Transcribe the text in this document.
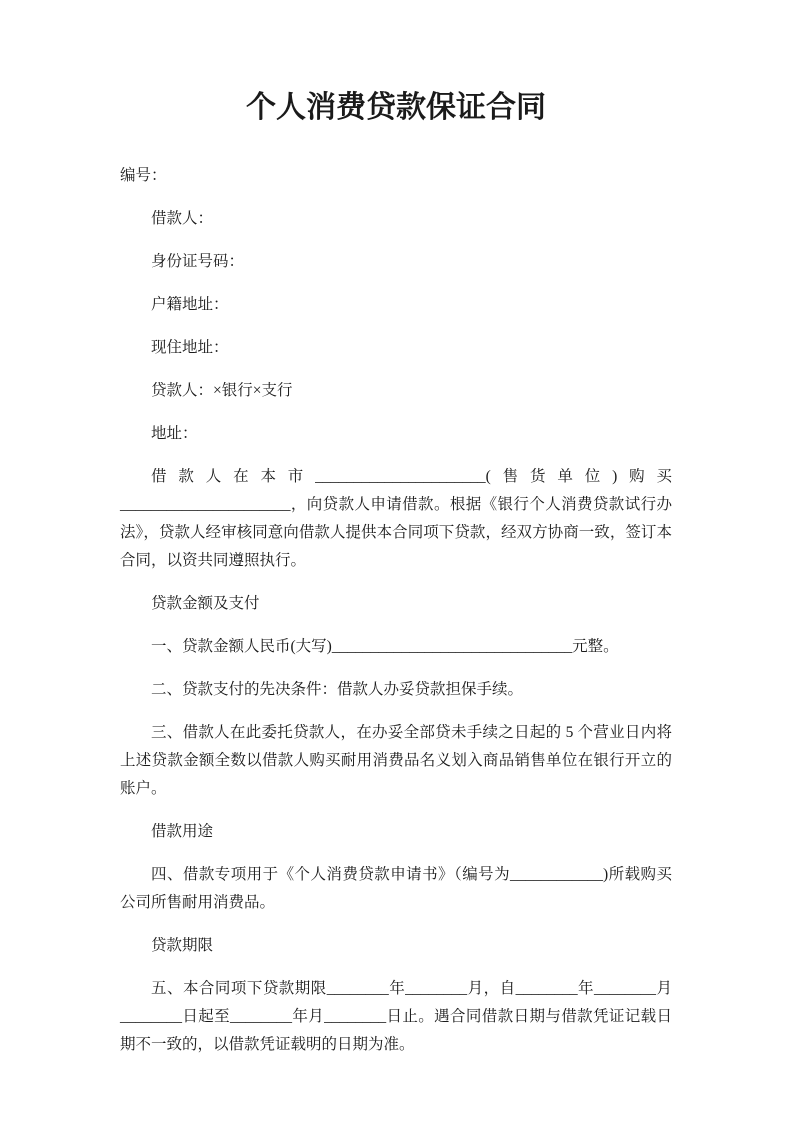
个人消费贷款保证合同

编号：

借款人：

身份证号码：

户籍地址：

现住地址：

贷款人：×银行×支行

地址：

借款人在本市______________________(售货单位)购买______________________，向贷款人申请借款。根据《银行个人消费贷款试行办法》，贷款人经审核同意向借款人提供本合同项下贷款，经双方协商一致，签订本合同，以资共同遵照执行。

贷款金额及支付

一、贷款金额人民币(大写)_______________________________元整。

二、贷款支付的先决条件：借款人办妥贷款担保手续。

三、借款人在此委托贷款人，在办妥全部贷未手续之日起的 5 个营业日内将上述贷款金额全数以借款人购买耐用消费品名义划入商品销售单位在银行开立的账户。

借款用途

四、借款专项用于《个人消费贷款申请书》（编号为____________)所载购买公司所售耐用消费品。

贷款期限

五、本合同项下贷款期限________年________月，自________年________月________日起至________年月________日止。遇合同借款日期与借款凭证记载日期不一致的，以借款凭证载明的日期为准。
